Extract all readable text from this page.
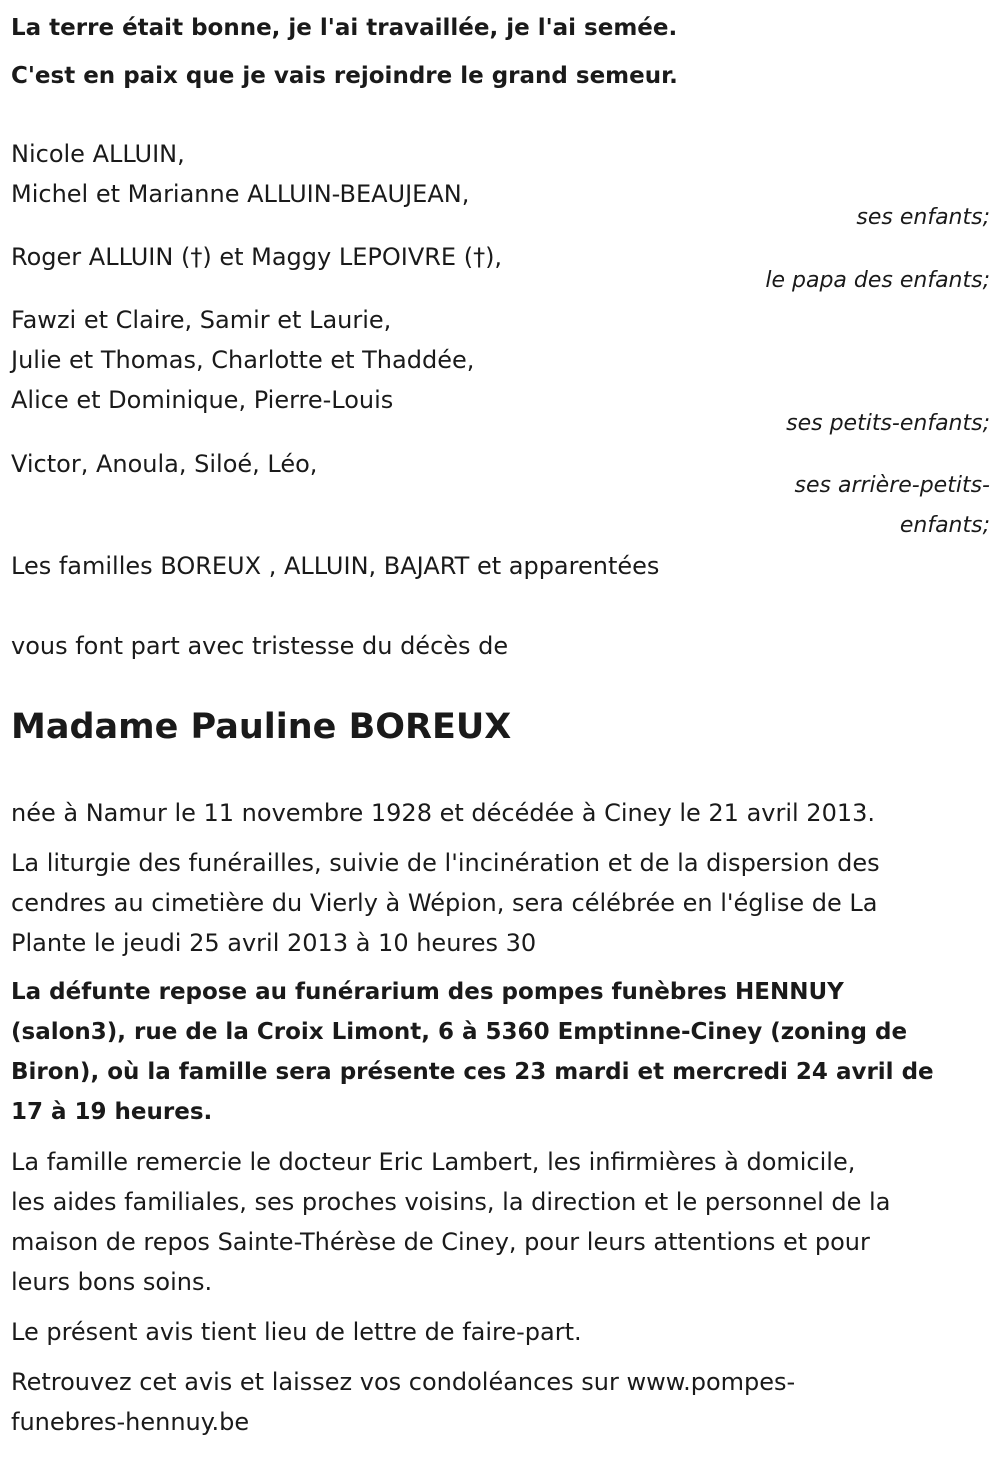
La terre était bonne, je l'ai travaillée, je l'ai semée.
C'est en paix que je vais rejoindre le grand semeur.
Nicole ALLUIN,
Michel et Marianne ALLUIN-BEAUJEAN,
ses enfants;
Roger ALLUIN (†) et Maggy LEPOIVRE (†),
le papa des enfants;
Fawzi et Claire, Samir et Laurie,
Julie et Thomas, Charlotte et Thaddée,
Alice et Dominique, Pierre-Louis
ses petits-enfants;
Victor, Anoula, Siloé, Léo,
ses arrière-petits-
enfants;
Les familles BOREUX , ALLUIN, BAJART et apparentées
vous font part avec tristesse du décès de
Madame Pauline BOREUX
née à Namur le 11 novembre 1928 et décédée à Ciney le 21 avril 2013.
La liturgie des funérailles, suivie de l'incinération et de la dispersion des
cendres au cimetière du Vierly à Wépion, sera célébrée en l'église de La
Plante le jeudi 25 avril 2013 à 10 heures 30
La défunte repose au funérarium des pompes funèbres HENNUY
(salon3), rue de la Croix Limont, 6 à 5360 Emptinne-Ciney (zoning de
Biron), où la famille sera présente ces 23 mardi et mercredi 24 avril de
17 à 19 heures.
La famille remercie le docteur Eric Lambert, les infirmières à domicile,
les aides familiales, ses proches voisins, la direction et le personnel de la
maison de repos Sainte-Thérèse de Ciney, pour leurs attentions et pour
leurs bons soins.
Le présent avis tient lieu de lettre de faire-part.
Retrouvez cet avis et laissez vos condoléances sur www.pompes-
funebres-hennuy.be
